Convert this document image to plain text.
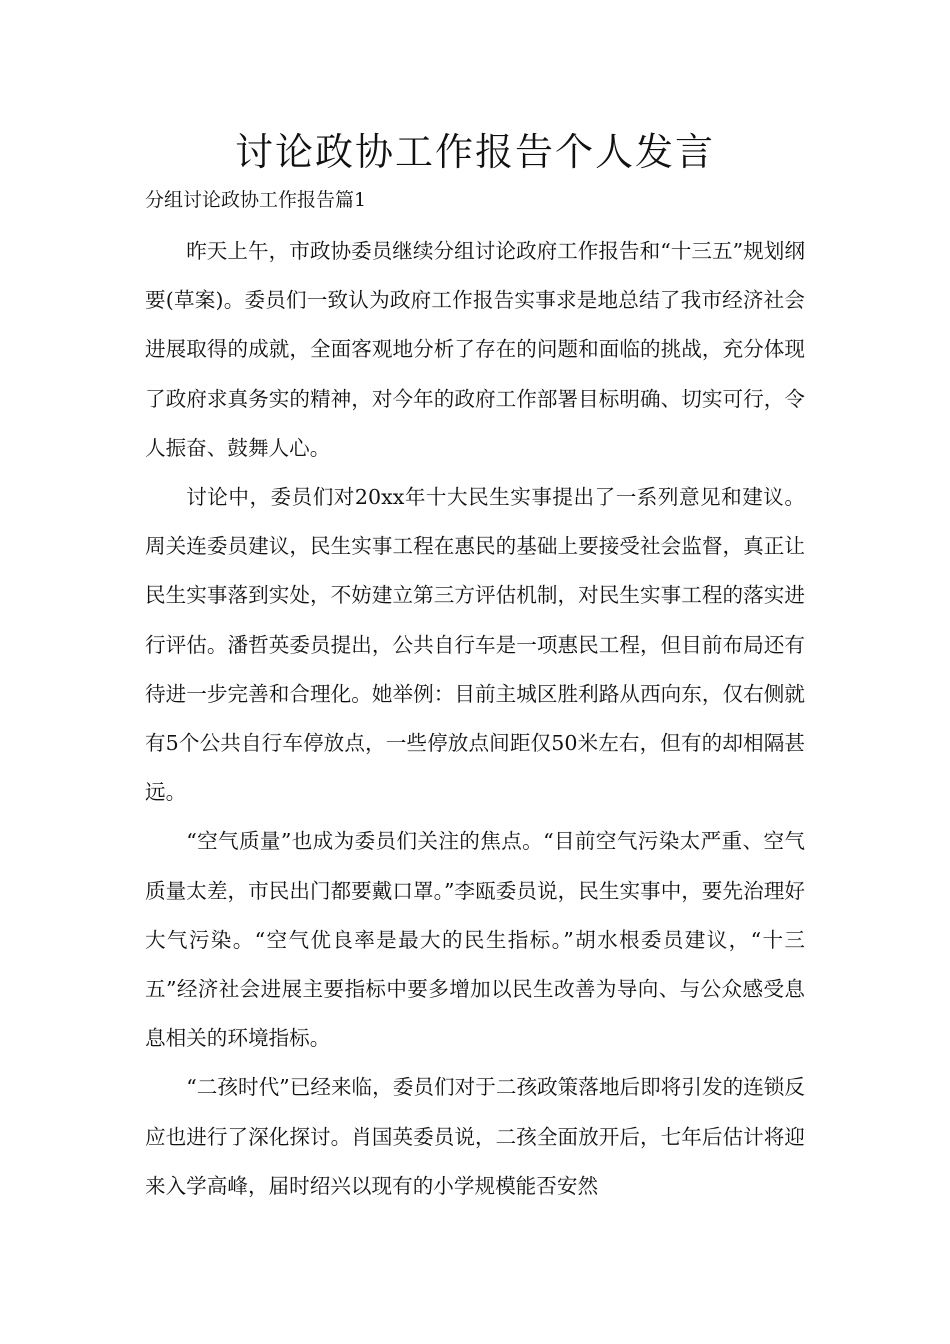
讨论政协工作报告个人发言

分组讨论政协工作报告篇1

昨天上午，市政协委员继续分组讨论政府工作报告和“十三五”规划纲要(草案)。委员们一致认为政府工作报告实事求是地总结了我市经济社会进展取得的成就，全面客观地分析了存在的问题和面临的挑战，充分体现了政府求真务实的精神，对今年的政府工作部署目标明确、切实可行，令人振奋、鼓舞人心。

讨论中，委员们对20xx年十大民生实事提出了一系列意见和建议。周关连委员建议，民生实事工程在惠民的基础上要接受社会监督，真正让民生实事落到实处，不妨建立第三方评估机制，对民生实事工程的落实进行评估。潘哲英委员提出，公共自行车是一项惠民工程，但目前布局还有待进一步完善和合理化。她举例：目前主城区胜利路从西向东，仅右侧就有5个公共自行车停放点，一些停放点间距仅50米左右，但有的却相隔甚远。

“空气质量”也成为委员们关注的焦点。“目前空气污染太严重、空气质量太差，市民出门都要戴口罩。”李瓯委员说，民生实事中，要先治理好大气污染。“空气优良率是最大的民生指标。”胡水根委员建议，“十三五”经济社会进展主要指标中要多增加以民生改善为导向、与公众感受息息相关的环境指标。

“二孩时代”已经来临，委员们对于二孩政策落地后即将引发的连锁反应也进行了深化探讨。肖国英委员说，二孩全面放开后，七年后估计将迎来入学高峰，届时绍兴以现有的小学规模能否安然
